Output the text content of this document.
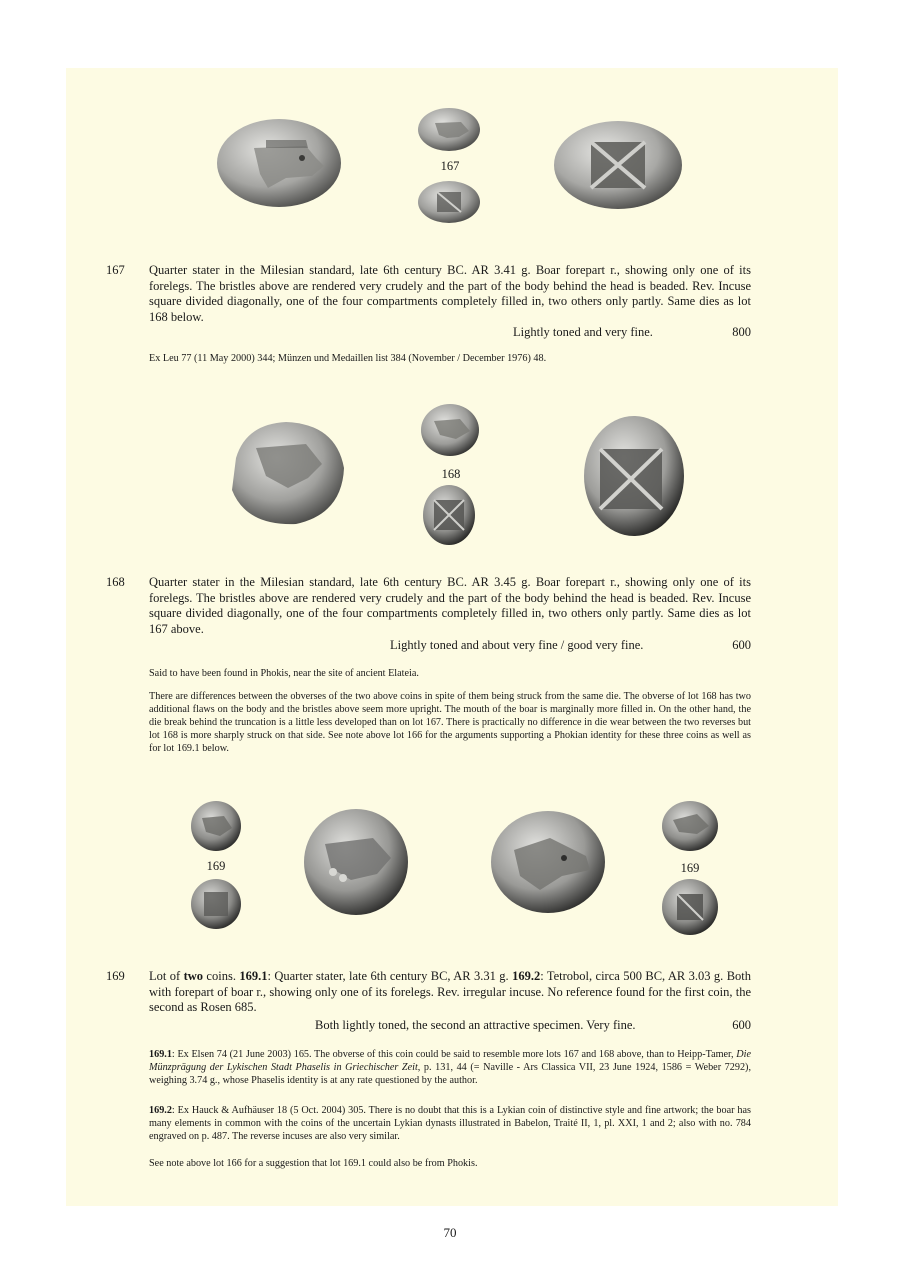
167
167 Quarter stater in the Milesian standard, late 6th century BC. AR 3.41 g. Boar forepart r., showing only one of its forelegs. The bristles above are rendered very crudely and the part of the body behind the head is beaded. Rev. Incuse square divided diagonally, one of the four compartments completely filled in, two others only partly. Same dies as lot 168 below.
Lightly toned and very fine.	800
Ex Leu 77 (11 May 2000) 344; Münzen und Medaillen list 384 (November / December 1976) 48.
168
168 Quarter stater in the Milesian standard, late 6th century BC. AR 3.45 g. Boar forepart r., showing only one of its forelegs. The bristles above are rendered very crudely and the part of the body behind the head is beaded. Rev. Incuse square divided diagonally, one of the four compartments completely filled in, two others only partly. Same dies as lot 167 above.
Lightly toned and about very fine / good very fine.	600
Said to have been found in Phokis, near the site of ancient Elateia.
There are differences between the obverses of the two above coins in spite of them being struck from the same die. The obverse of lot 168 has two additional flaws on the body and the bristles above seem more upright. The mouth of the boar is marginally more filled in. On the other hand, the die break behind the truncation is a little less developed than on lot 167. There is practically no difference in die wear between the two reverses but lot 168 is more sharply struck on that side. See note above lot 166 for the arguments supporting a Phokian identity for these three coins as well as for lot 169.1 below.
169	169
169 Lot of two coins. 169.1: Quarter stater, late 6th century BC, AR 3.31 g. 169.2: Tetrobol, circa 500 BC, AR 3.03 g. Both with forepart of boar r., showing only one of its forelegs. Rev. irregular incuse. No reference found for the first coin, the second as Rosen 685.
Both lightly toned, the second an attractive specimen. Very fine.	600
169.1: Ex Elsen 74 (21 June 2003) 165. The obverse of this coin could be said to resemble more lots 167 and 168 above, than to Heipp-Tamer, Die Münzprägung der Lykischen Stadt Phaselis in Griechischer Zeit, p. 131, 44 (= Naville - Ars Classica VII, 23 June 1924, 1586 = Weber 7292), weighing 3.74 g., whose Phaselis identity is at any rate questioned by the author.
169.2: Ex Hauck & Aufhäuser 18 (5 Oct. 2004) 305. There is no doubt that this is a Lykian coin of distinctive style and fine artwork; the boar has many elements in common with the coins of the uncertain Lykian dynasts illustrated in Babelon, Traité II, 1, pl. XXI, 1 and 2; also with no. 784 engraved on p. 487. The reverse incuses are also very similar.
See note above lot 166 for a suggestion that lot 169.1 could also be from Phokis.
70
